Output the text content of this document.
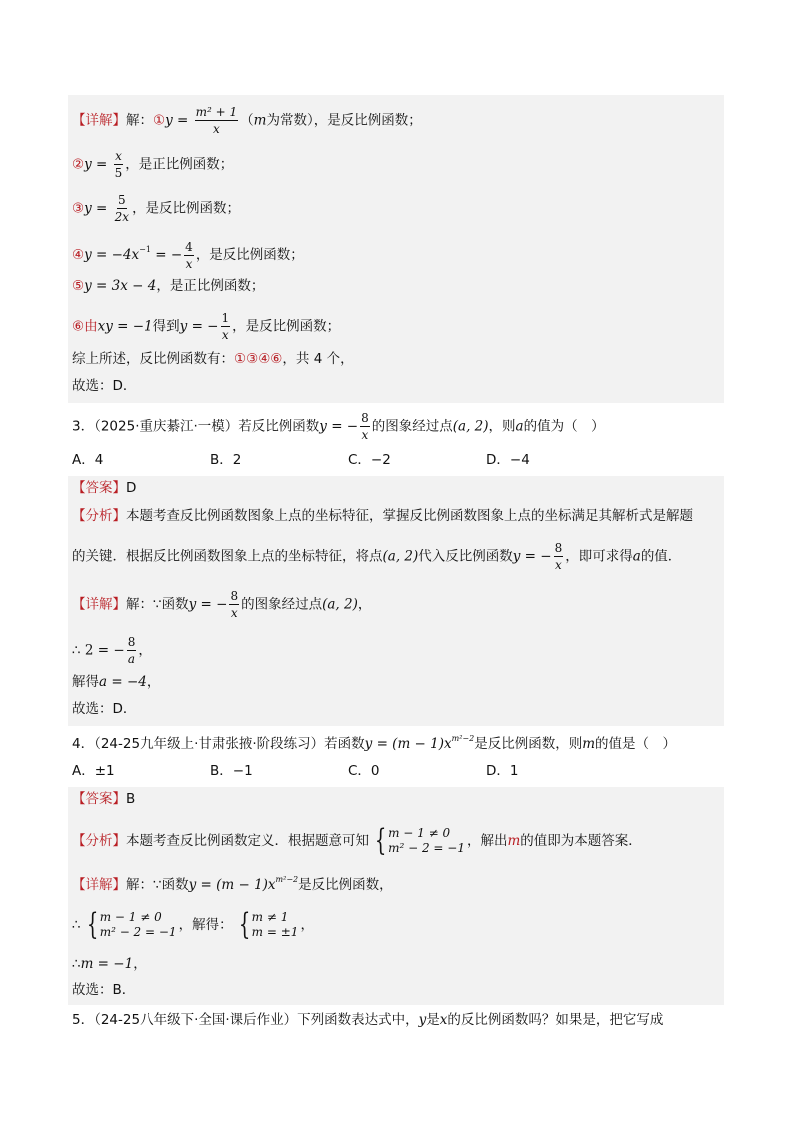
【详解】解：①y = $\frac{\text{m² + 1}}{x} (m$为常数），是反比例函数；
②y = $\frac{x}{5}$ ，是正比例函数；
③y = $\frac{5}{2x}$ ，是反比例函数；
④y = $-4x^{-1}$ = − $\frac{4}{x}$ ，是反比例函数；
⑤y = 3x − 4，是正比例函数；
⑥由xy = −1得到y = − $\frac{1}{x}$ ，是反比例函数；
综上所述，反比例函数有：①③④⑥，共 4 个，
故选：D．
3．（2025·重庆綦江·一模）若反比例函数y = − $\frac{8}{x}$ 的图象经过点(a, 2)，则a的值为（　）
A．4	B．2	C．−2	D．−4
【答案】D
【分析】本题考查反比例函数图象上点的坐标特征，掌握反比例函数图象上点的坐标满足其解析式是解题
的关键．根据反比例函数图象上点的坐标特征，将点(a, 2)代入反比例函数y = − $\frac{8}{x}$ ，即可求得a的值．
【详解】解：∵函数y = − $\frac{8}{x}$ 的图象经过点(a, 2)，
∴ 2 = − $\frac{8}{a}$ ，
解得a = −4，
故选：D．
4．（24-25九年级上·甘肃张掖·阶段练习）若函数$y = (m - 1)x^{m^2-2}$是反比例函数，则m的值是（　）
A．±1	B．−1	C．0	D．1
【答案】B
【分析】本题考查反比例函数定义．根据题意可知 { m − 1 ≠ 0
m² − 2 = −1 ，解出m的值即为本题答案．
【详解】解：∵函数$y = (m - 1)x^{m^2-2}$是反比例函数，
∴ { m − 1 ≠ 0
m² − 2 = −1 ，解得： { m ≠ 1
m = ±1 ，
∴m = −1，
故选：B．
5．（24-25八年级下·全国·课后作业）下列函数表达式中，y是x的反比例函数吗？如果是，把它写成
